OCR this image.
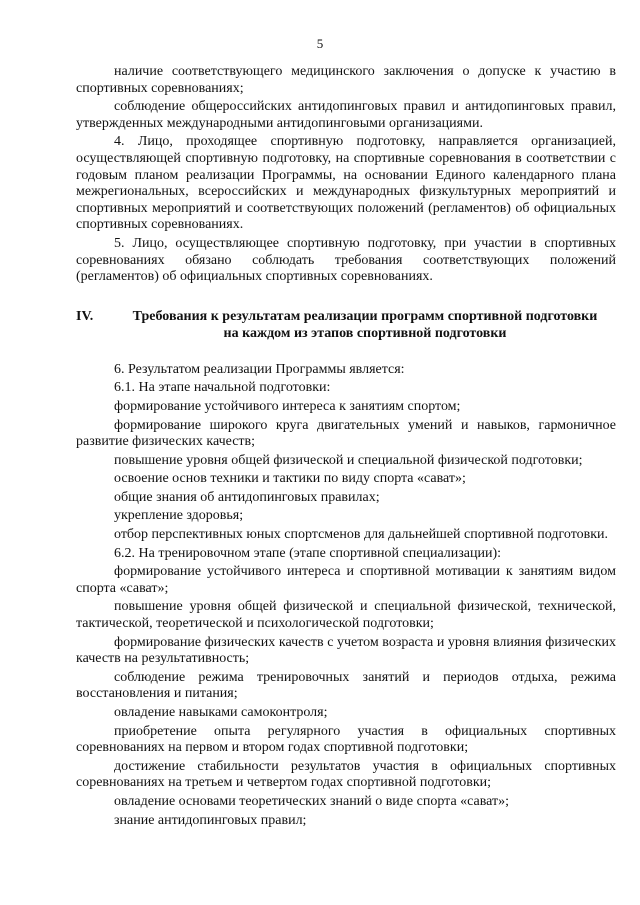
5

наличие соответствующего медицинского заключения о допуске к участию в спортивных соревнованиях;

соблюдение общероссийских антидопинговых правил и антидопинговых правил, утвержденных международными антидопинговыми организациями.

4. Лицо, проходящее спортивную подготовку, направляется организацией, осуществляющей спортивную подготовку, на спортивные соревнования в соответствии с годовым планом реализации Программы, на основании Единого календарного плана межрегиональных, всероссийских и международных физкультурных мероприятий и спортивных мероприятий и соответствующих положений (регламентов) об официальных спортивных соревнованиях.

5. Лицо, осуществляющее спортивную подготовку, при участии в спортивных соревнованиях обязано соблюдать требования соответствующих положений (регламентов) об официальных спортивных соревнованиях.

IV.	Требования к результатам реализации программ спортивной подготовки
на каждом из этапов спортивной подготовки

6. Результатом реализации Программы является:

6.1. На этапе начальной подготовки:

формирование устойчивого интереса к занятиям спортом;

формирование широкого круга двигательных умений и навыков, гармоничное развитие физических качеств;

повышение уровня общей физической и специальной физической подготовки;

освоение основ техники и тактики по виду спорта «сават»;

общие знания об антидопинговых правилах;

укрепление здоровья;

отбор перспективных юных спортсменов для дальнейшей спортивной подготовки.

6.2. На тренировочном этапе (этапе спортивной специализации):

формирование устойчивого интереса и спортивной мотивации к занятиям видом спорта «сават»;

повышение уровня общей физической и специальной физической, технической, тактической, теоретической и психологической подготовки;

формирование физических качеств с учетом возраста и уровня влияния физических качеств на результативность;

соблюдение режима тренировочных занятий и периодов отдыха, режима восстановления и питания;

овладение навыками самоконтроля;

приобретение опыта регулярного участия в официальных спортивных соревнованиях на первом и втором годах спортивной подготовки;

достижение стабильности результатов участия в официальных спортивных соревнованиях на третьем и четвертом годах спортивной подготовки;

овладение основами теоретических знаний о виде спорта «сават»;

знание антидопинговых правил;
